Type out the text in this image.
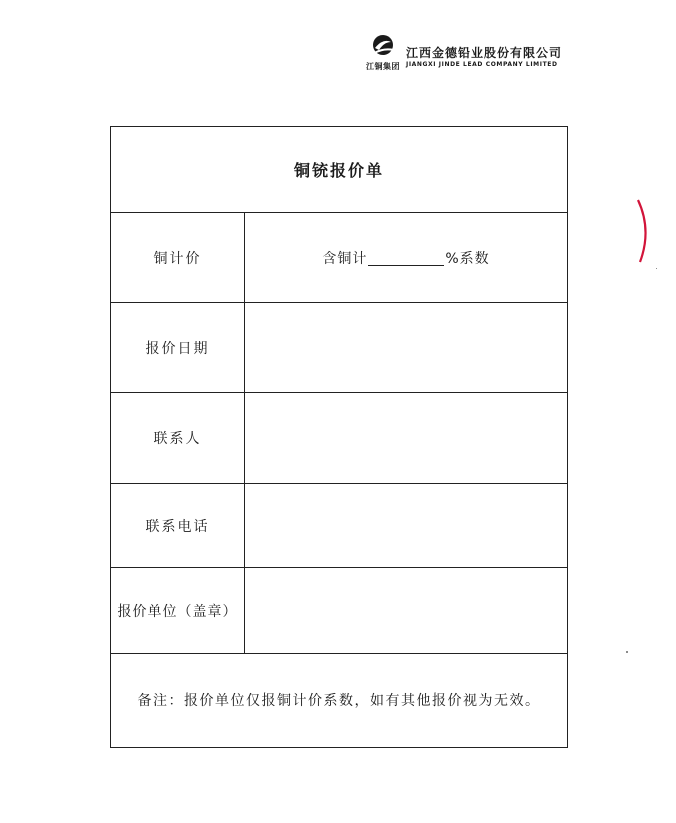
江铜集团
江西金德铅业股份有限公司
JIANGXI JINDE LEAD COMPANY LIMITED
铜铳报价单
铜计价	含铜计	%系数
报价日期
联系人
联系电话
报价单位（盖章）
备注：报价单位仅报铜计价系数，如有其他报价视为无效。
